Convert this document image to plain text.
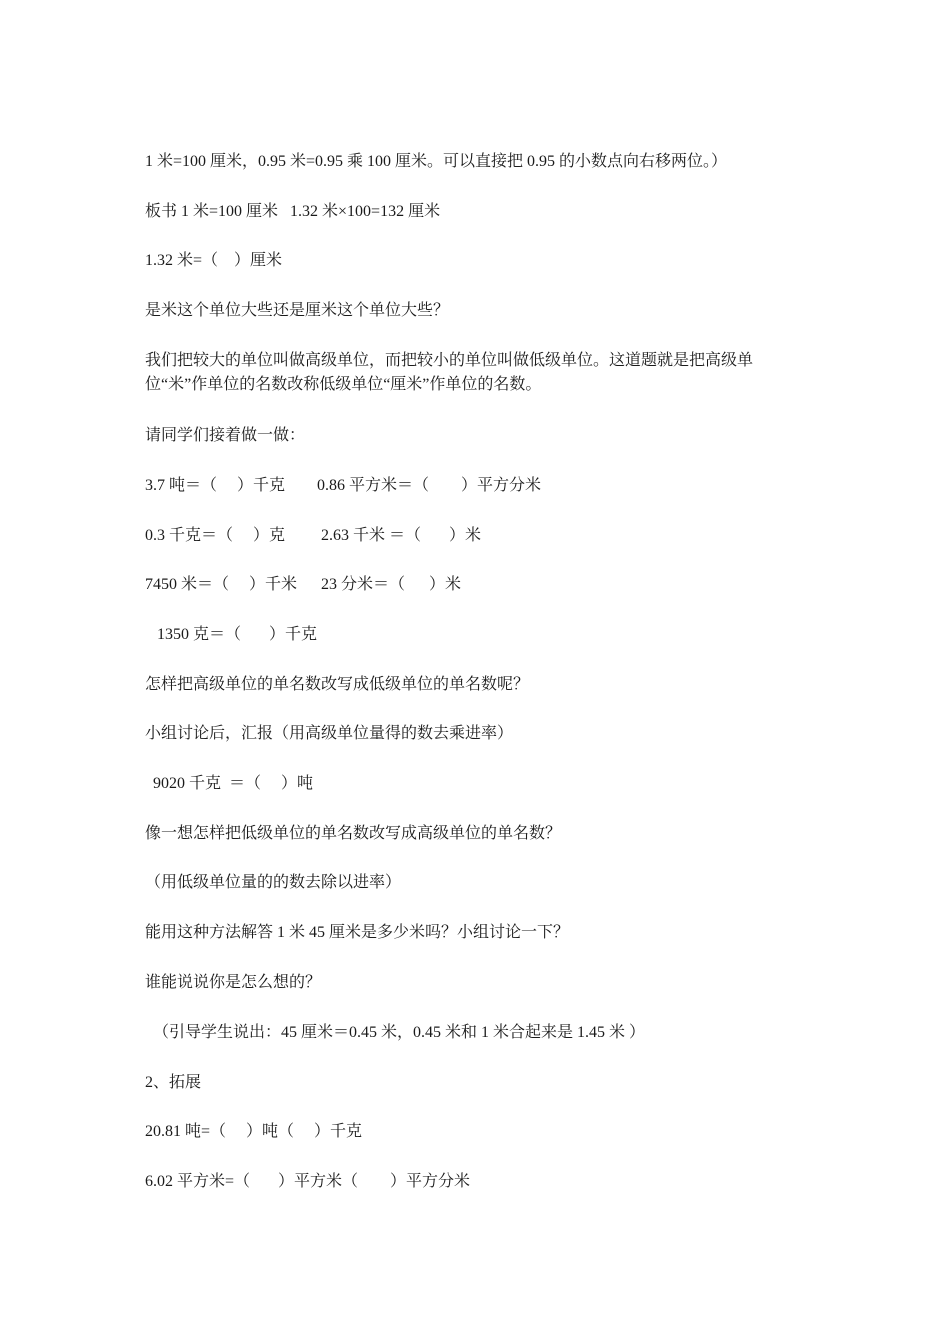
1 米=100 厘米，0.95 米=0.95 乘 100 厘米。可以直接把 0.95 的小数点向右移两位。）
板书 1 米=100 厘米   1.32 米×100=132 厘米
1.32 米=（    ）厘米
是米这个单位大些还是厘米这个单位大些？
我们把较大的单位叫做高级单位，而把较小的单位叫做低级单位。这道题就是把高级单位“米”作单位的名数改称低级单位“厘米”作单位的名数。
请同学们接着做一做：
3.7 吨＝（     ）千克        0.86 平方米＝（        ）平方分米
0.3 千克＝（     ）克         2.63 千米 ＝（       ）米
7450 米＝（     ）千米      23 分米＝（      ）米
1350 克＝（       ）千克
怎样把高级单位的单名数改写成低级单位的单名数呢？
小组讨论后，汇报（用高级单位量得的数去乘进率）
9020 千克  ＝（     ）吨
像一想怎样把低级单位的单名数改写成高级单位的单名数？
（用低级单位量的的数去除以进率）
能用这种方法解答 1 米 45 厘米是多少米吗？小组讨论一下？
谁能说说你是怎么想的？
（引导学生说出：45 厘米＝0.45 米，0.45 米和 1 米合起来是 1.45 米 ）
2、拓展
20.81 吨=（     ）吨（     ）千克
6.02 平方米=（       ）平方米（        ）平方分米
